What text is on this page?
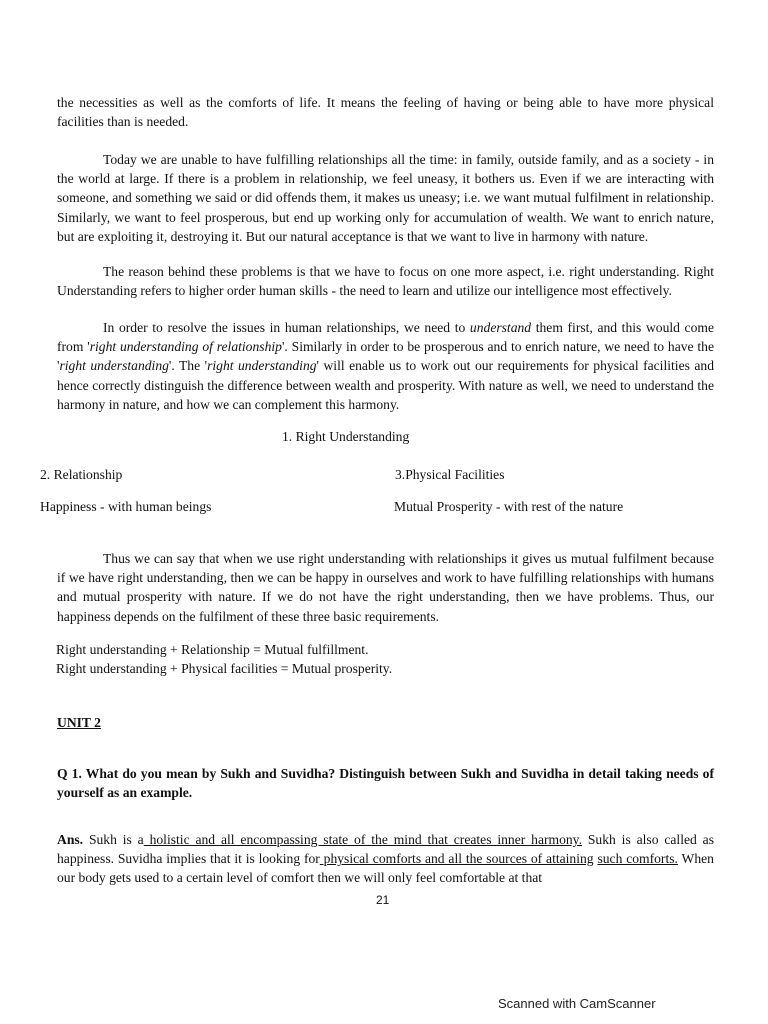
the necessities as well as the comforts of life. It means the feeling of having or being able to have more physical facilities than is needed.

Today we are unable to have fulfilling relationships all the time: in family, outside family, and as a society - in the world at large. If there is a problem in relationship, we feel uneasy, it bothers us. Even if we are interacting with someone, and something we said or did offends them, it makes us uneasy; i.e. we want mutual fulfilment in relationship. Similarly, we want to feel prosperous, but end up working only for accumulation of wealth. We want to enrich nature, but are exploiting it, destroying it. But our natural acceptance is that we want to live in harmony with nature.

The reason behind these problems is that we have to focus on one more aspect, i.e. right understanding. Right Understanding refers to higher order human skills - the need to learn and utilize our intelligence most effectively.

In order to resolve the issues in human relationships, we need to understand them first, and this would come from 'right understanding of relationship'. Similarly in order to be prosperous and to enrich nature, we need to have the 'right understanding'. The 'right understanding' will enable us to work out our requirements for physical facilities and hence correctly distinguish the difference between wealth and prosperity. With nature as well, we need to understand the harmony in nature, and how we can complement this harmony.

1. Right Understanding
2. Relationship	3.Physical Facilities
Happiness - with human beings	Mutual Prosperity - with rest of the nature

Thus we can say that when we use right understanding with relationships it gives us mutual fulfilment because if we have right understanding, then we can be happy in ourselves and work to have fulfilling relationships with humans and mutual prosperity with nature. If we do not have the right understanding, then we have problems. Thus, our happiness depends on the fulfilment of these three basic requirements.

Right understanding + Relationship = Mutual fulfillment.
Right understanding + Physical facilities = Mutual prosperity.
UNIT 2

Q 1. What do you mean by Sukh and Suvidha? Distinguish between Sukh and Suvidha in detail taking needs of yourself as an example.

Ans. Sukh is a holistic and all encompassing state of the mind that creates inner harmony. Sukh is also called as happiness. Suvidha implies that it is looking for physical comforts and all the sources of attaining such comforts. When our body gets used to a certain level of comfort then we will only feel comfortable at that

21
Scanned with CamScanner
